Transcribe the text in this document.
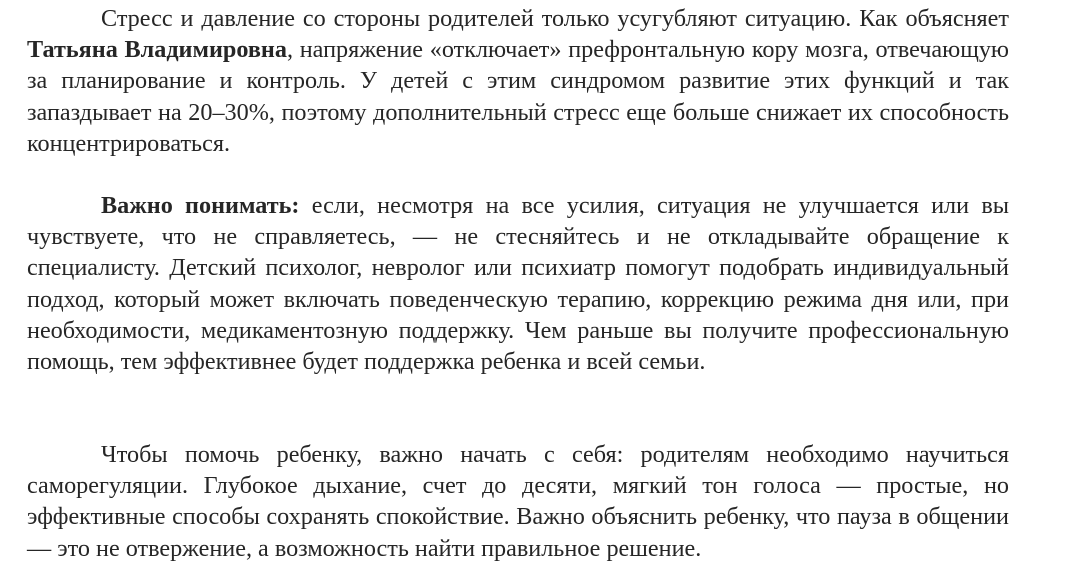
Стресс и давление со стороны родителей только усугубляют ситуацию. Как объясняет Татьяна Владимировна, напряжение «отключает» префронтальную кору мозга, отвечающую за планирование и контроль. У детей с этим синдромом развитие этих функций и так запаздывает на 20–30%, поэтому дополнительный стресс еще больше снижает их способность концентрироваться.

Важно понимать: если, несмотря на все усилия, ситуация не улучшается или вы чувствуете, что не справляетесь, — не стесняйтесь и не откладывайте обращение к специалисту. Детский психолог, невролог или психиатр помогут подобрать индивидуальный подход, который может включать поведенческую терапию, коррекцию режима дня или, при необходимости, медикаментозную поддержку. Чем раньше вы получите профессиональную помощь, тем эффективнее будет поддержка ребенка и всей семьи.

Чтобы помочь ребенку, важно начать с себя: родителям необходимо научиться саморегуляции. Глубокое дыхание, счет до десяти, мягкий тон голоса — простые, но эффективные способы сохранять спокойствие. Важно объяснить ребенку, что пауза в общении — это не отвержение, а возможность найти правильное решение.
